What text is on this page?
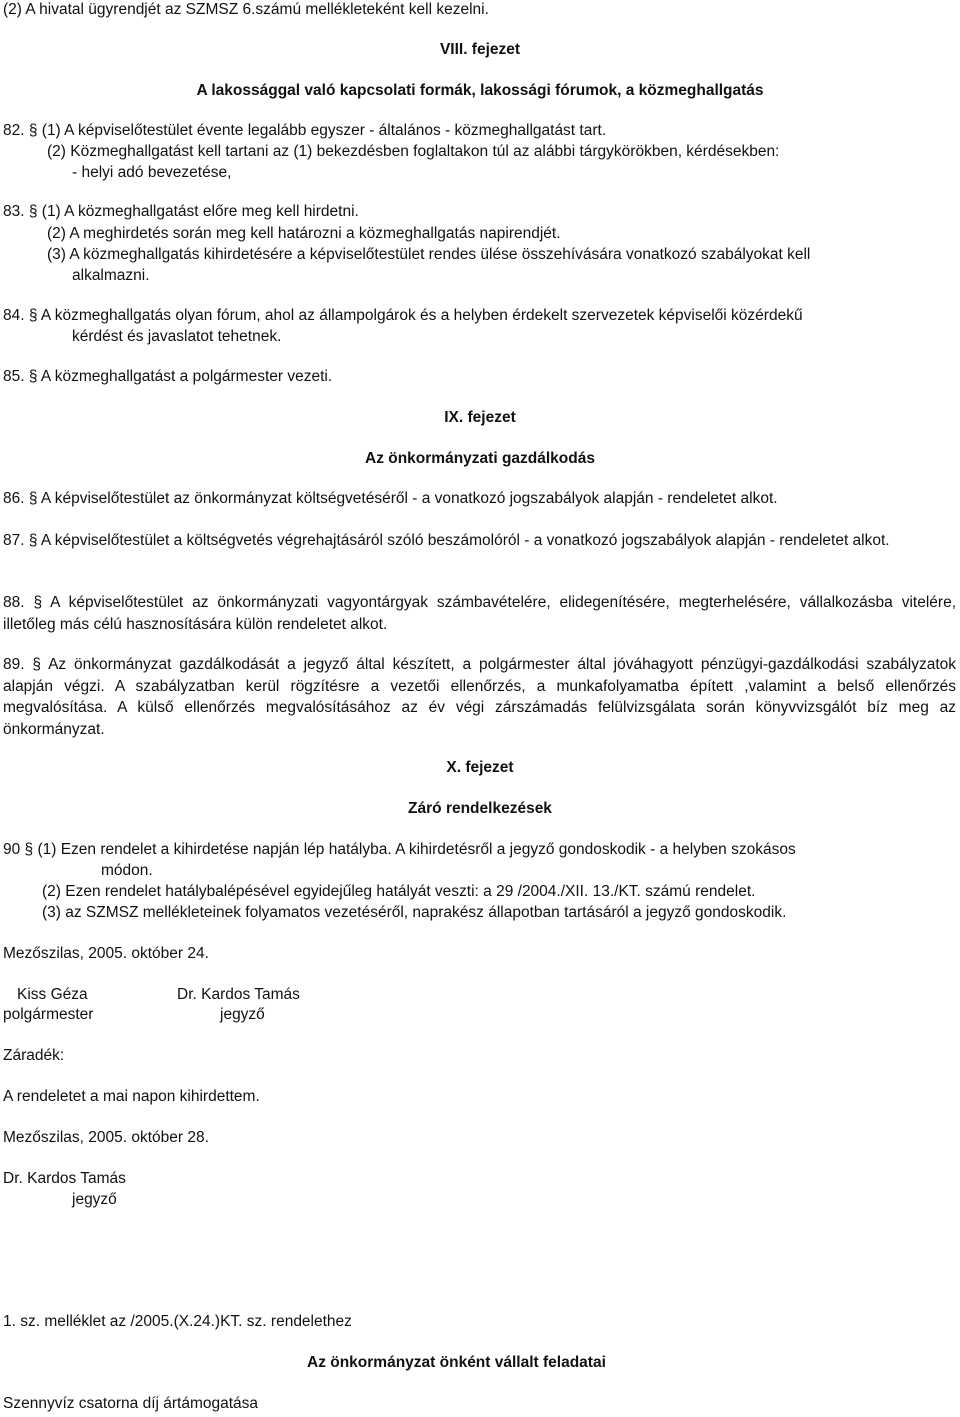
(2) A hivatal ügyrendjét az SZMSZ 6.számú mellékleteként kell kezelni.
VIII. fejezet
A lakossággal való kapcsolati formák, lakossági fórumok, a közmeghallgatás
82. § (1) A képviselőtestület évente legalább egyszer - általános - közmeghallgatást tart.
(2) Közmeghallgatást kell tartani az (1) bekezdésben foglaltakon túl az alábbi tárgykörökben, kérdésekben:
- helyi adó bevezetése,
83. § (1) A közmeghallgatást előre meg kell hirdetni.
(2) A meghirdetés során meg kell határozni a közmeghallgatás napirendjét.
(3) A közmeghallgatás kihirdetésére a képviselőtestület rendes ülése összehívására vonatkozó szabályokat kell
alkalmazni.
84. § A közmeghallgatás olyan fórum, ahol az állampolgárok és a helyben érdekelt szervezetek képviselői közérdekű
kérdést és javaslatot tehetnek.
85. § A közmeghallgatást a polgármester vezeti.
IX. fejezet
Az önkormányzati gazdálkodás
86. § A képviselőtestület az önkormányzat költségvetéséről - a vonatkozó jogszabályok alapján - rendeletet alkot.
87. § A képviselőtestület a költségvetés végrehajtásáról szóló beszámolóról - a vonatkozó jogszabályok alapján - rendeletet alkot.
88. § A képviselőtestület az önkormányzati vagyontárgyak számbavételére, elidegenítésére, megterhelésére, vállalkozásba vitelére, illetőleg más célú hasznosítására külön rendeletet alkot.
89. § Az önkormányzat gazdálkodását a jegyző által készített, a polgármester által jóváhagyott pénzügyi-gazdálkodási szabályzatok alapján végzi. A szabályzatban kerül rögzítésre a vezetői ellenőrzés, a munkafolyamatba épített ,valamint a belső ellenőrzés megvalósítása. A külső ellenőrzés megvalósításához az év végi zárszámadás felülvizsgálata során könyvvizsgálót bíz meg az önkormányzat.
X. fejezet
Záró rendelkezések
90 § (1) Ezen rendelet a kihirdetése napján lép hatályba. A kihirdetésről a jegyző gondoskodik - a helyben szokásos
módon.
(2) Ezen rendelet hatálybalépésével egyidejűleg hatályát veszti: a 29 /2004./XII. 13./KT. számú rendelet.
(3) az SZMSZ mellékleteinek folyamatos vezetéséről, naprakész állapotban tartásáról a jegyző gondoskodik.
Mezőszilas, 2005. október 24.
Kiss Géza	Dr. Kardos Tamás
polgármester	jegyző
Záradék:
A rendeletet a mai napon kihirdettem.
Mezőszilas, 2005. október 28.
Dr. Kardos Tamás
jegyző
1. sz. melléklet az /2005.(X.24.)KT. sz. rendelethez
Az önkormányzat önként vállalt feladatai
Szennyvíz csatorna díj ártámogatása
